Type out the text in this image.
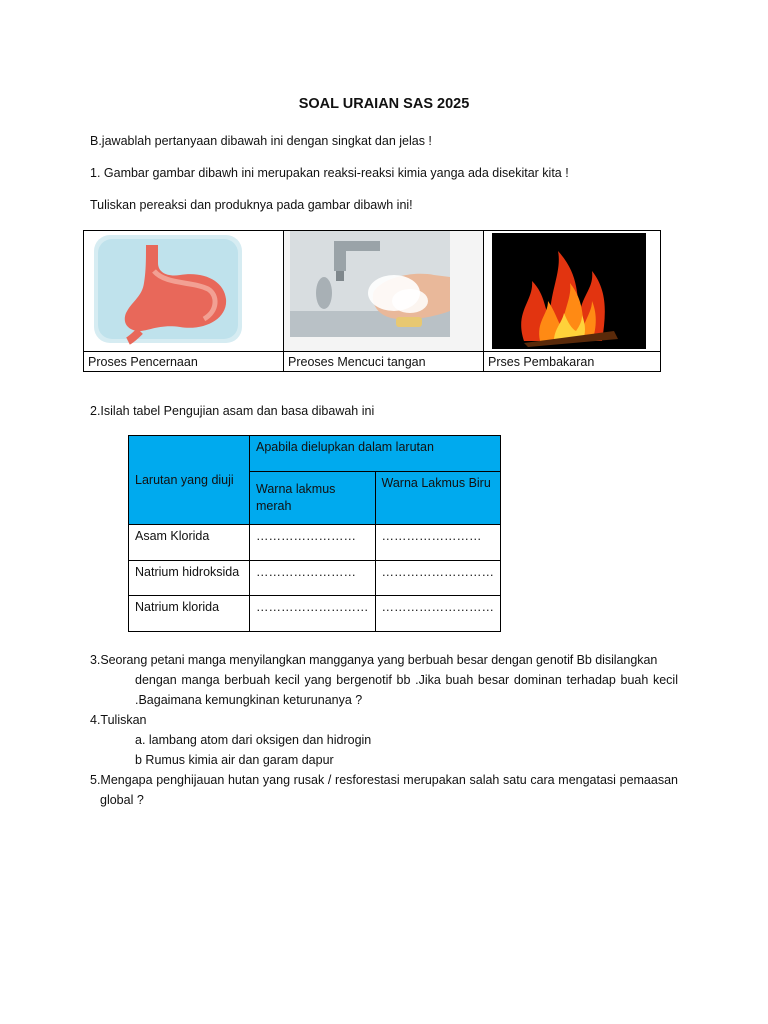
SOAL URAIAN SAS 2025
B.jawablah pertanyaan dibawah ini dengan singkat dan jelas !
1. Gambar gambar dibawh ini merupakan reaksi-reaksi kimia yanga ada disekitar kita !
Tuliskan pereaksi dan produknya pada gambar dibawh ini!

Proses Pencernaan	Preoses Mencuci tangan	Prses Pembakaran
2.Isilah tabel Pengujian asam dan basa dibawah ini
Larutan yang diuji	Apabila dielupkan dalam larutan	
	Warna lakmus merah	Warna Lakmus Biru
Asam Klorida	……………………	……………………
Natrium hidroksida	……………………	………………………
Natrium klorida	………………………	………………………
3.Seorang petani manga menyilangkan mangganya yang berbuah besar dengan genotif Bb disilangkan
dengan manga berbuah kecil yang bergenotif bb .Jika buah besar dominan terhadap buah kecil .Bagaimana kemungkinan keturunanya ?
4.Tuliskan
a. lambang atom dari oksigen dan hidrogin
b Rumus kimia air dan garam dapur
5.Mengapa penghijauan hutan yang rusak / resforestasi merupakan salah satu cara mengatasi pemaasan global ?
